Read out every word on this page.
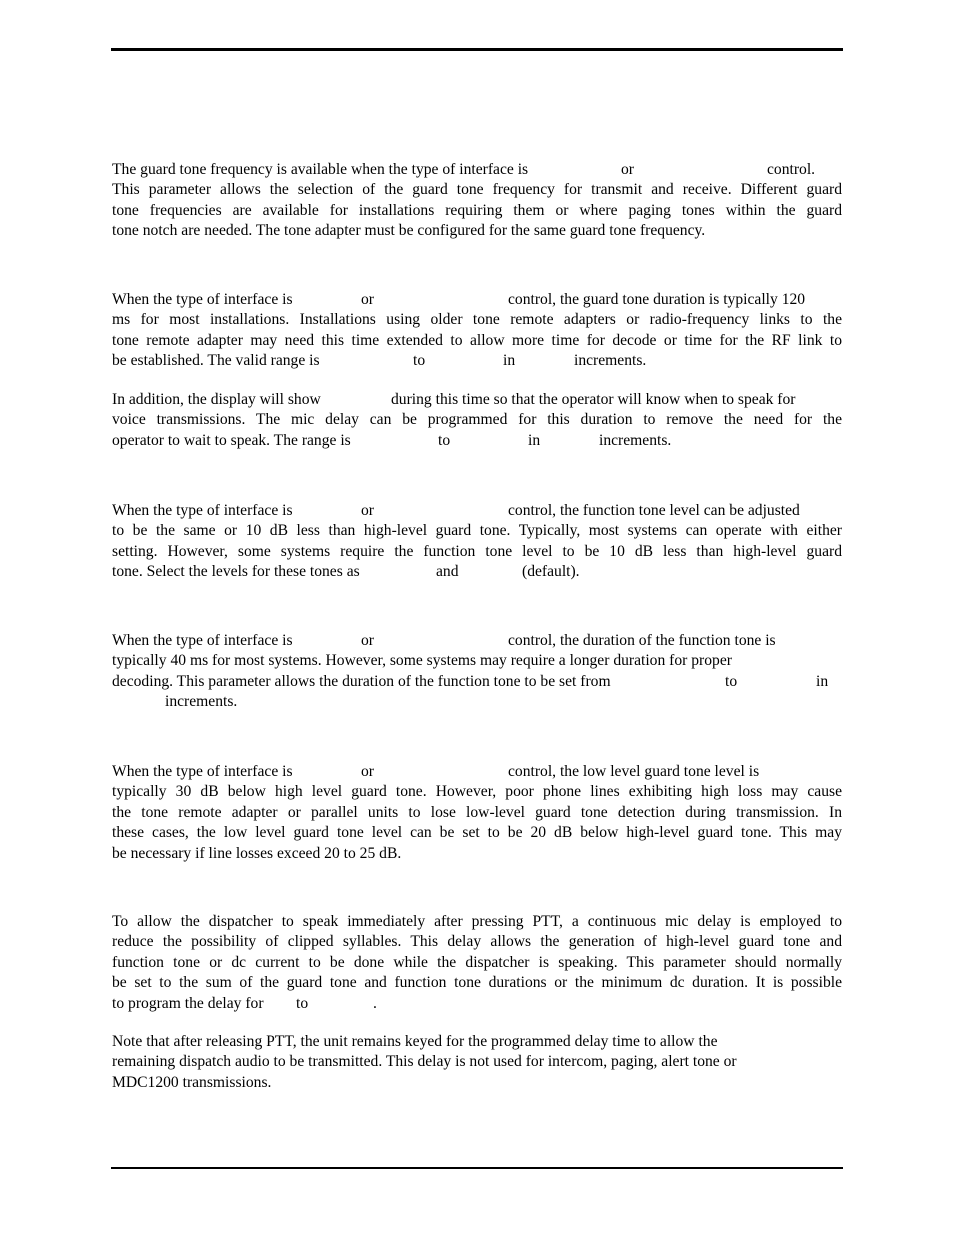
The guard tone frequency is available when the type of interface is	or	control.
This parameter allows the selection of the guard tone frequency for transmit and receive. Different guard
tone frequencies are available for installations requiring them or where paging tones within the guard
tone notch are needed. The tone adapter must be configured for the same guard tone frequency.
When the type of interface is	or	control, the guard tone duration is typically 120
ms for most installations. Installations using older tone remote adapters or radio-frequency links to the
tone remote adapter may need this time extended to allow more time for decode or time for the RF link to
be established. The valid range is	to	in	increments.
In addition, the display will show	during this time so that the operator will know when to speak for
voice transmissions. The mic delay can be programmed for this duration to remove the need for the
operator to wait to speak. The range is	to	in	increments.
When the type of interface is	or	control, the function tone level can be adjusted
to be the same or 10 dB less than high-level guard tone. Typically, most systems can operate with either
setting. However, some systems require the function tone level to be 10 dB less than high-level guard
tone. Select the levels for these tones as	and	(default).
When the type of interface is	or	control, the duration of the function tone is
typically 40 ms for most systems. However, some systems may require a longer duration for proper
decoding. This parameter allows the duration of the function tone to be set from	to	in
increments.
When the type of interface is	or	control, the low level guard tone level is
typically 30 dB below high level guard tone. However, poor phone lines exhibiting high loss may cause
the tone remote adapter or parallel units to lose low-level guard tone detection during transmission. In
these cases, the low level guard tone level can be set to be 20 dB below high-level guard tone. This may
be necessary if line losses exceed 20 to 25 dB.
To allow the dispatcher to speak immediately after pressing PTT, a continuous mic delay is employed to
reduce the possibility of clipped syllables. This delay allows the generation of high-level guard tone and
function tone or dc current to be done while the dispatcher is speaking. This parameter should normally
be set to the sum of the guard tone and function tone durations or the minimum dc duration. It is possible
to program the delay for to	.
Note that after releasing PTT, the unit remains keyed for the programmed delay time to allow the
remaining dispatch audio to be transmitted. This delay is not used for intercom, paging, alert tone or
MDC1200 transmissions.
